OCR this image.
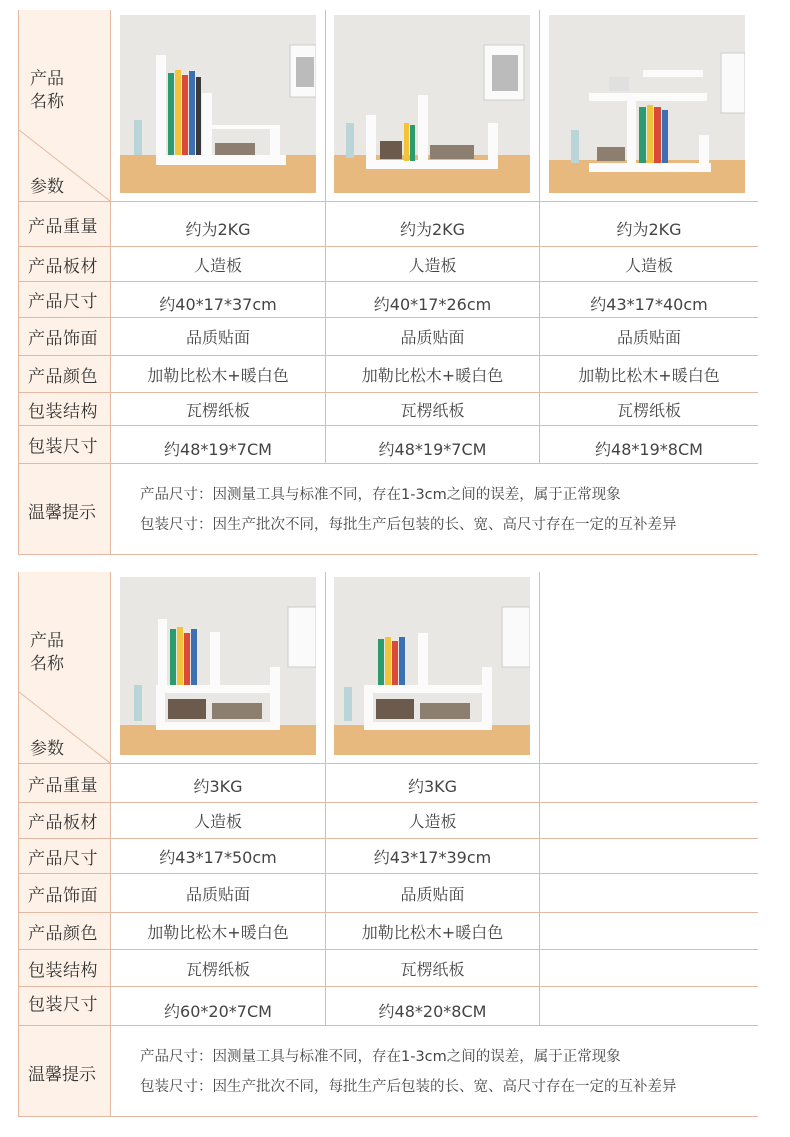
产品
名称
参数
产品重量
产品板材
产品尺寸
产品饰面
产品颜色
包装结构
包装尺寸
温馨提示
约为2KG
人造板
约40*17*37cm
品质贴面
加勒比松木+暖白色
瓦楞纸板
约48*19*7CM
约为2KG
人造板
约40*17*26cm
品质贴面
加勒比松木+暖白色
瓦楞纸板
约48*19*7CM
约为2KG
人造板
约43*17*40cm
品质贴面
加勒比松木+暖白色
瓦楞纸板
约48*19*8CM
产品尺寸：因测量工具与标准不同，存在1-3cm之间的误差，属于正常现象
包装尺寸：因生产批次不同，每批生产后包装的长、宽、高尺寸存在一定的互补差异
产品
名称
参数
产品重量
产品板材
产品尺寸
产品饰面
产品颜色
包装结构
包装尺寸
温馨提示
约3KG
人造板
约43*17*50cm
品质贴面
加勒比松木+暖白色
瓦楞纸板
约60*20*7CM
约3KG
人造板
约43*17*39cm
品质贴面
加勒比松木+暖白色
瓦楞纸板
约48*20*8CM
产品尺寸：因测量工具与标准不同，存在1-3cm之间的误差，属于正常现象
包装尺寸：因生产批次不同，每批生产后包装的长、宽、高尺寸存在一定的互补差异
